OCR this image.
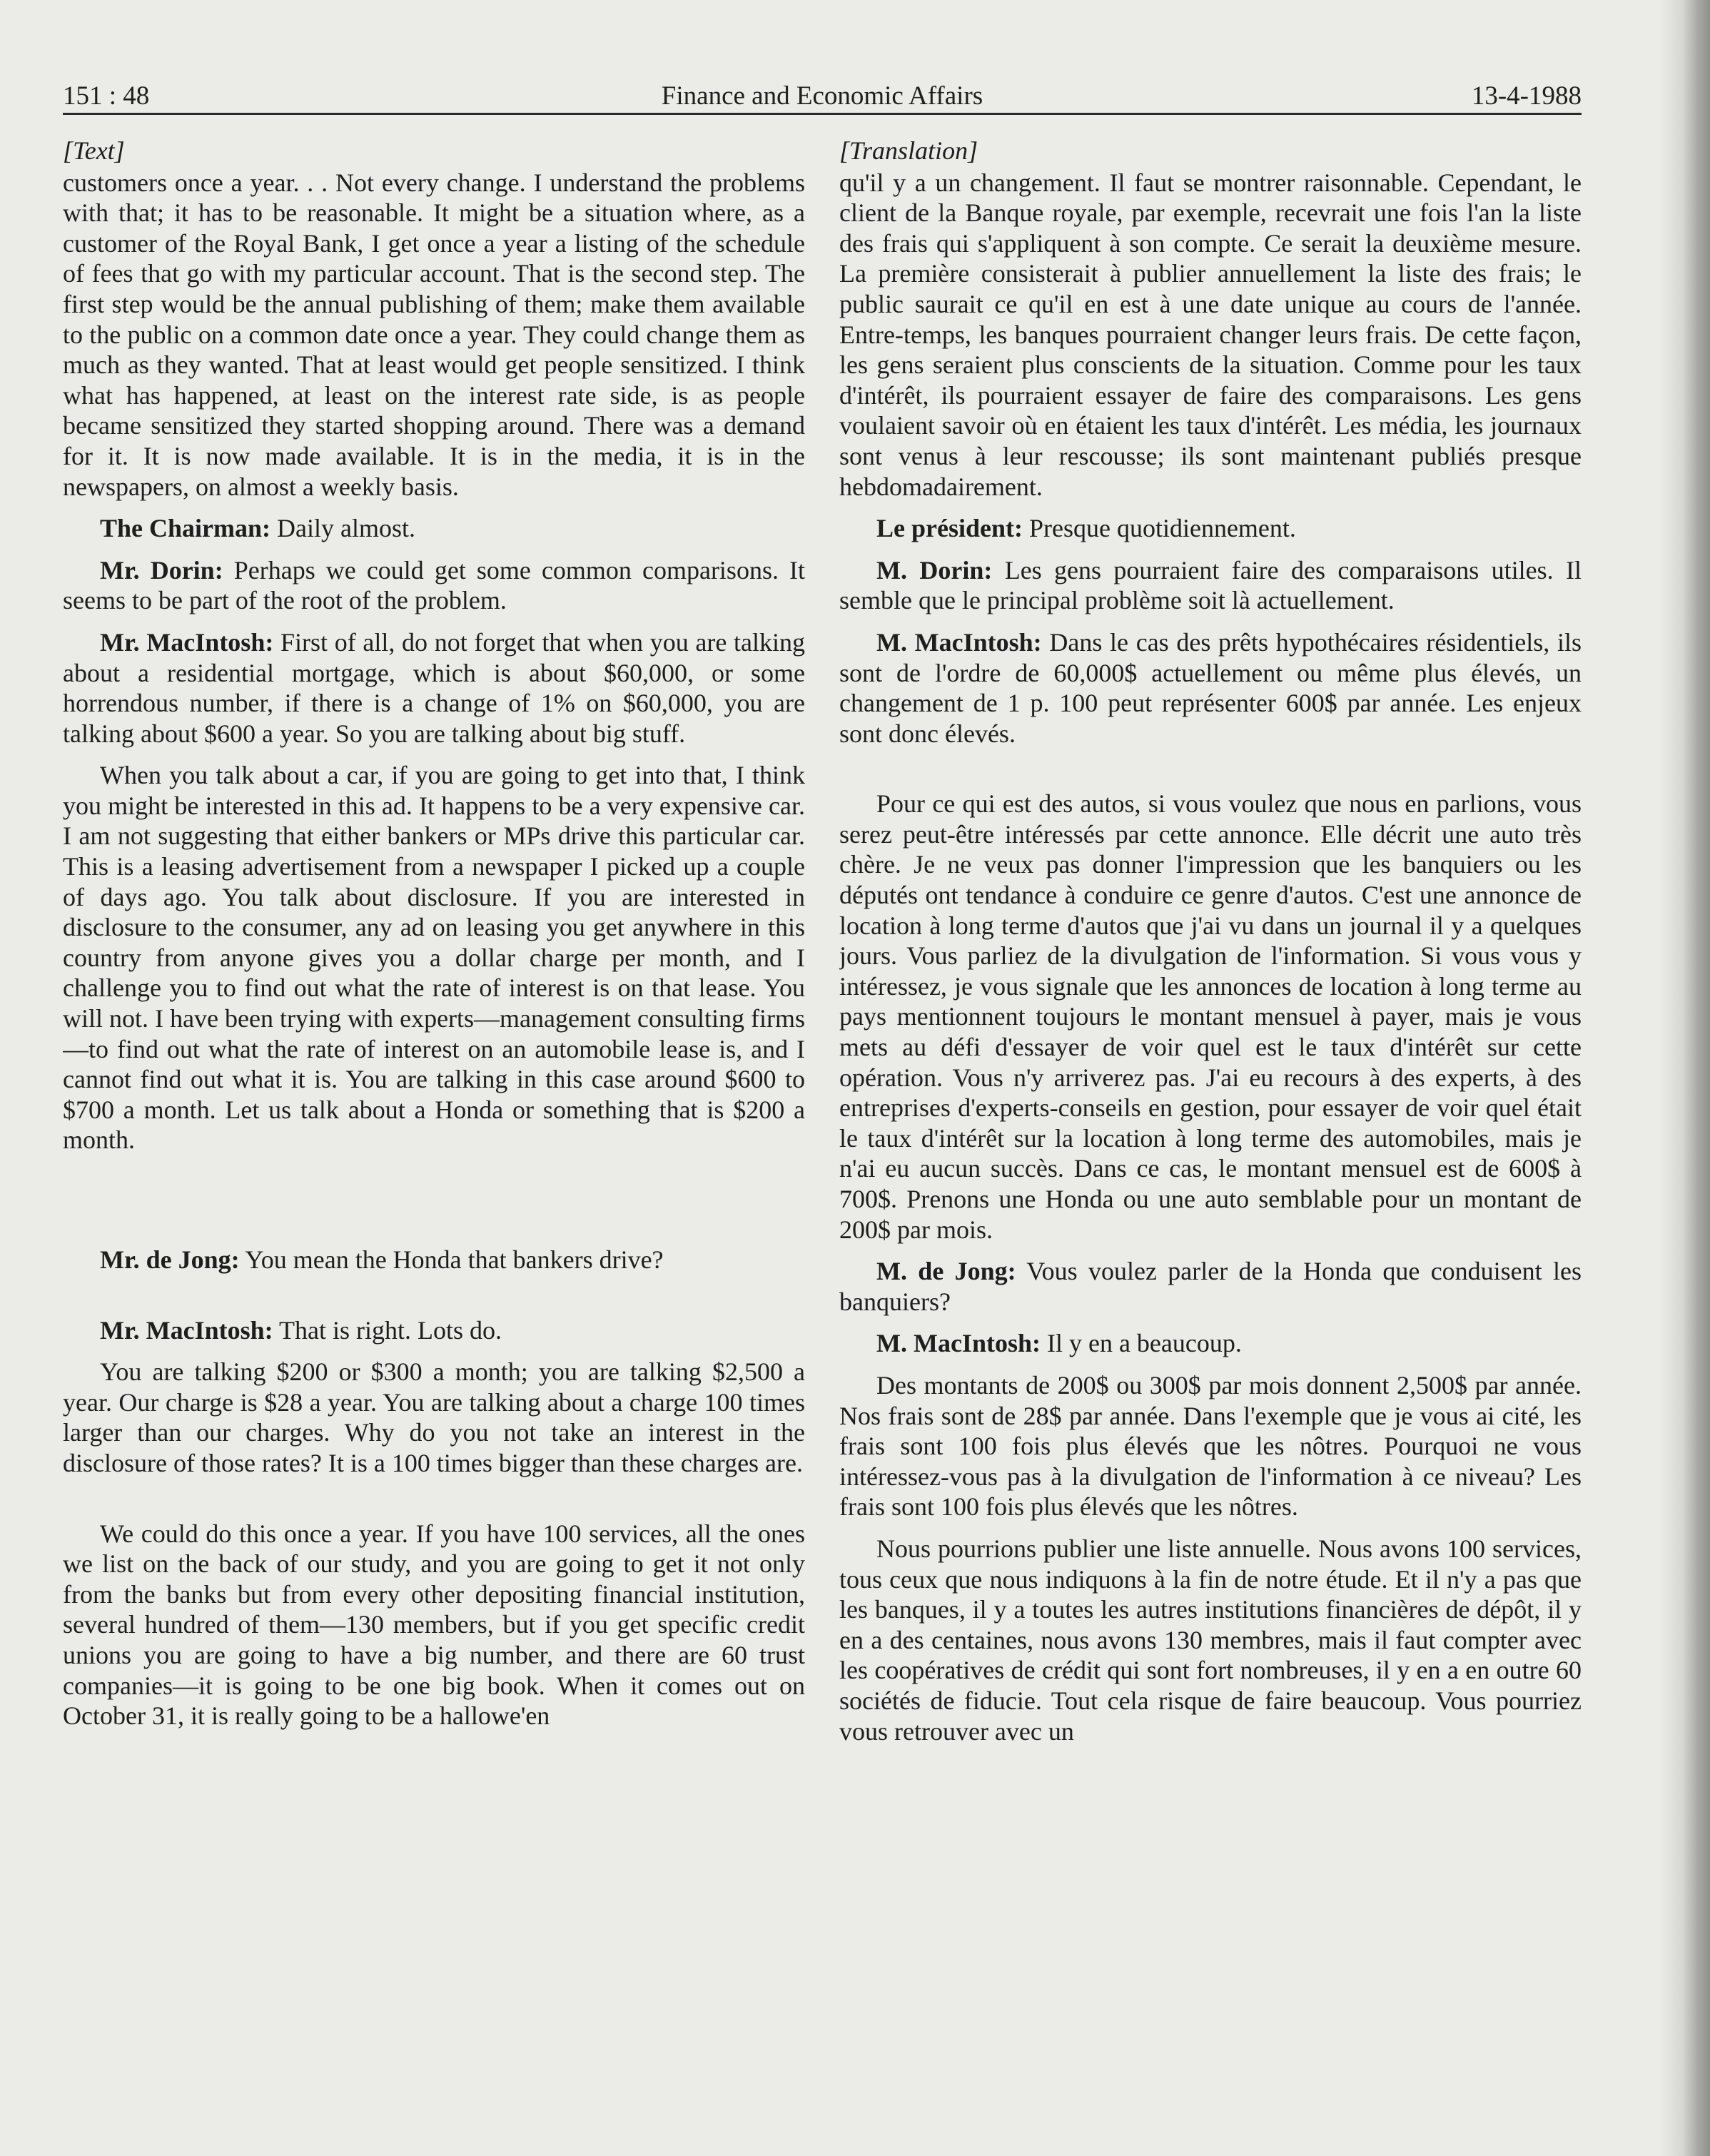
Finance and Economic Affairs
151 : 48	13-4-1988
[Text]

customers once a year. . . Not every change. I understand the problems with that; it has to be reasonable. It might be a situation where, as a customer of the Royal Bank, I get once a year a listing of the schedule of fees that go with my particular account. That is the second step. The first step would be the annual publishing of them; make them available to the public on a common date once a year. They could change them as much as they wanted. That at least would get people sensitized. I think what has happened, at least on the interest rate side, is as people became sensitized they started shopping around. There was a demand for it. It is now made available. It is in the media, it is in the newspapers, on almost a weekly basis.

The Chairman: Daily almost.

Mr. Dorin: Perhaps we could get some common comparisons. It seems to be part of the root of the problem.

Mr. MacIntosh: First of all, do not forget that when you are talking about a residential mortgage, which is about $60,000, or some horrendous number, if there is a change of 1% on $60,000, you are talking about $600 a year. So you are talking about big stuff.

When you talk about a car, if you are going to get into that, I think you might be interested in this ad. It happens to be a very expensive car. I am not suggesting that either bankers or MPs drive this particular car. This is a leasing advertisement from a newspaper I picked up a couple of days ago. You talk about disclosure. If you are interested in disclosure to the consumer, any ad on leasing you get anywhere in this country from anyone gives you a dollar charge per month, and I challenge you to find out what the rate of interest is on that lease. You will not. I have been trying with experts—management consulting firms—to find out what the rate of interest on an automobile lease is, and I cannot find out what it is. You are talking in this case around $600 to $700 a month. Let us talk about a Honda or something that is $200 a month.

Mr. de Jong: You mean the Honda that bankers drive?

Mr. MacIntosh: That is right. Lots do.

You are talking $200 or $300 a month; you are talking $2,500 a year. Our charge is $28 a year. You are talking about a charge 100 times larger than our charges. Why do you not take an interest in the disclosure of those rates? It is a 100 times bigger than these charges are.

We could do this once a year. If you have 100 services, all the ones we list on the back of our study, and you are going to get it not only from the banks but from every other depositing financial institution, several hundred of them—130 members, but if you get specific credit unions you are going to have a big number, and there are 60 trust companies—it is going to be one big book. When it comes out on October 31, it is really going to be a hallowe'en

[Translation]

qu'il y a un changement. Il faut se montrer raisonnable. Cependant, le client de la Banque royale, par exemple, recevrait une fois l'an la liste des frais qui s'appliquent à son compte. Ce serait la deuxième mesure. La première consisterait à publier annuellement la liste des frais; le public saurait ce qu'il en est à une date unique au cours de l'année. Entre-temps, les banques pourraient changer leurs frais. De cette façon, les gens seraient plus conscients de la situation. Comme pour les taux d'intérêt, ils pourraient essayer de faire des comparaisons. Les gens voulaient savoir où en étaient les taux d'intérêt. Les média, les journaux sont venus à leur rescousse; ils sont maintenant publiés presque hebdomadairement.

Le président: Presque quotidiennement.

M. Dorin: Les gens pourraient faire des comparaisons utiles. Il semble que le principal problème soit là actuellement.

M. MacIntosh: Dans le cas des prêts hypothécaires résidentiels, ils sont de l'ordre de 60,000$ actuellement ou même plus élevés, un changement de 1 p. 100 peut représenter 600$ par année. Les enjeux sont donc élevés.

Pour ce qui est des autos, si vous voulez que nous en parlions, vous serez peut-être intéressés par cette annonce. Elle décrit une auto très chère. Je ne veux pas donner l'impression que les banquiers ou les députés ont tendance à conduire ce genre d'autos. C'est une annonce de location à long terme d'autos que j'ai vu dans un journal il y a quelques jours. Vous parliez de la divulgation de l'information. Si vous vous y intéressez, je vous signale que les annonces de location à long terme au pays mentionnent toujours le montant mensuel à payer, mais je vous mets au défi d'essayer de voir quel est le taux d'intérêt sur cette opération. Vous n'y arriverez pas. J'ai eu recours à des experts, à des entreprises d'experts-conseils en gestion, pour essayer de voir quel était le taux d'intérêt sur la location à long terme des automobiles, mais je n'ai eu aucun succès. Dans ce cas, le montant mensuel est de 600$ à 700$. Prenons une Honda ou une auto semblable pour un montant de 200$ par mois.

M. de Jong: Vous voulez parler de la Honda que conduisent les banquiers?

M. MacIntosh: Il y en a beaucoup.

Des montants de 200$ ou 300$ par mois donnent 2,500$ par année. Nos frais sont de 28$ par année. Dans l'exemple que je vous ai cité, les frais sont 100 fois plus élevés que les nôtres. Pourquoi ne vous intéressez-vous pas à la divulgation de l'information à ce niveau? Les frais sont 100 fois plus élevés que les nôtres.

Nous pourrions publier une liste annuelle. Nous avons 100 services, tous ceux que nous indiquons à la fin de notre étude. Et il n'y a pas que les banques, il y a toutes les autres institutions financières de dépôt, il y en a des centaines, nous avons 130 membres, mais il faut compter avec les coopératives de crédit qui sont fort nombreuses, il y en a en outre 60 sociétés de fiducie. Tout cela risque de faire beaucoup. Vous pourriez vous retrouver avec un
